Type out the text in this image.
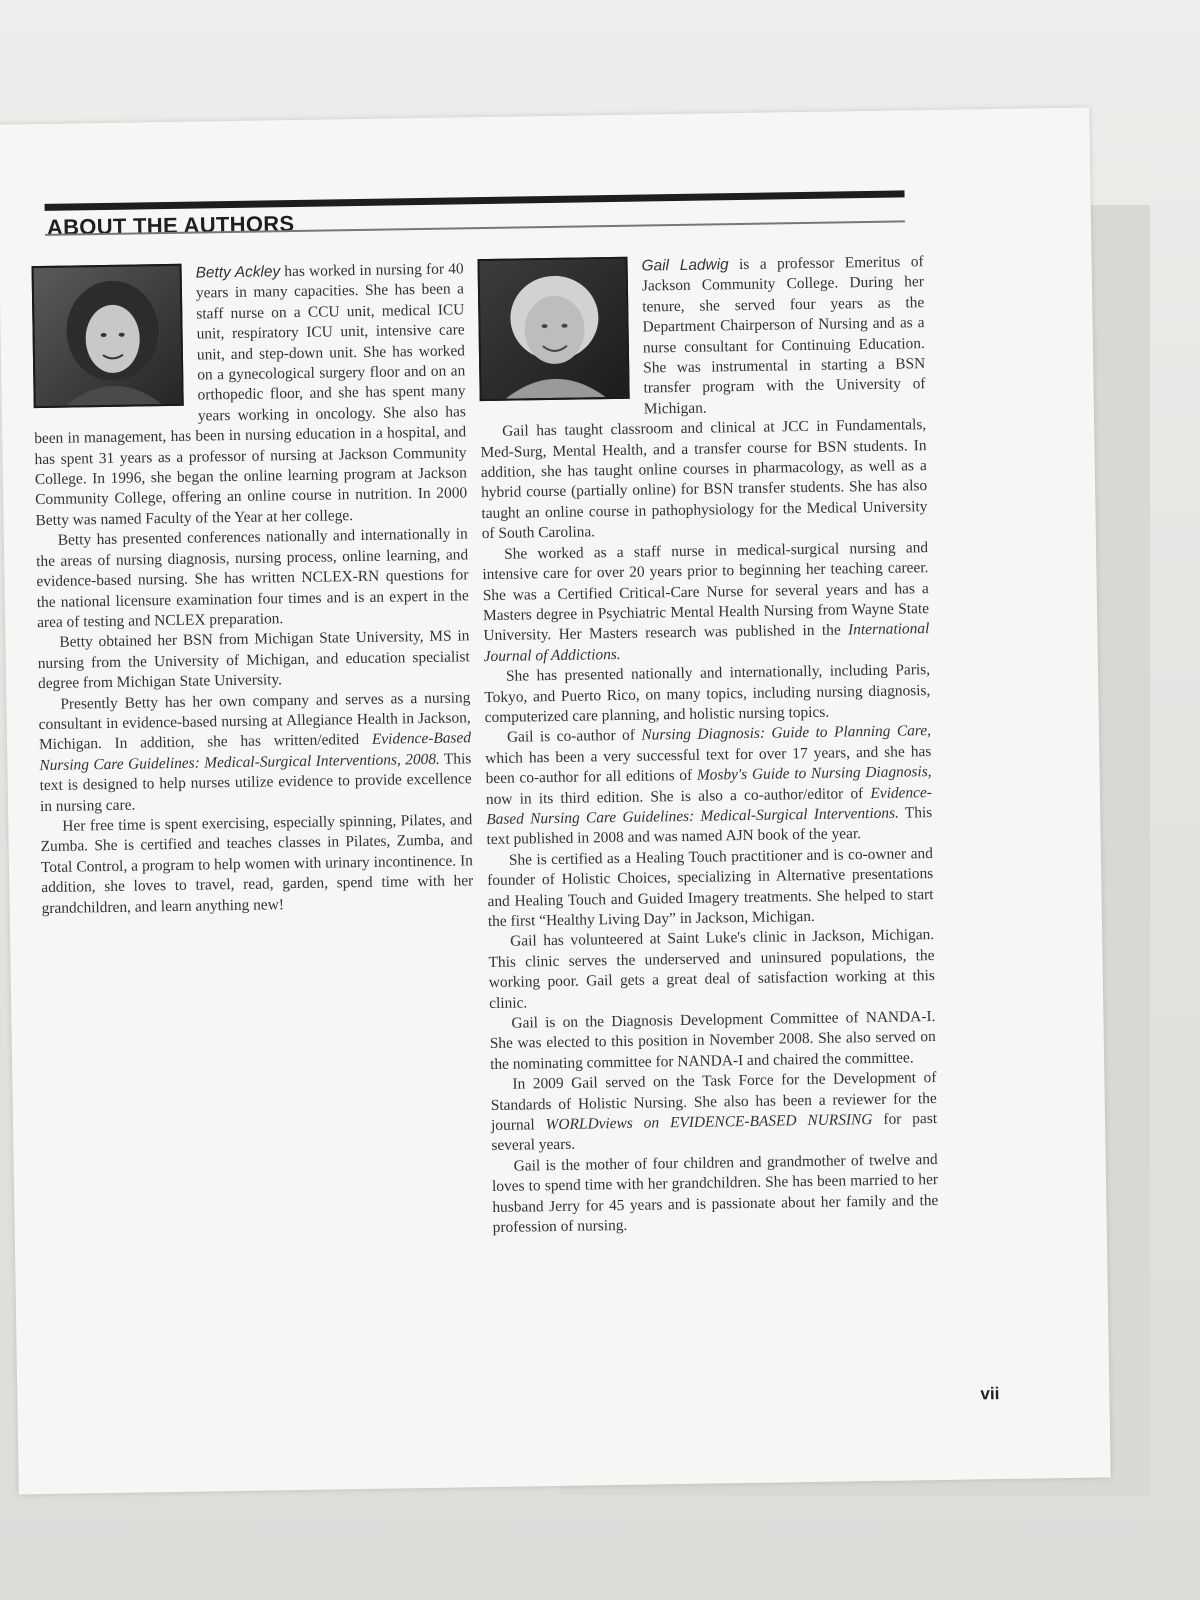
ABOUT THE AUTHORS

Betty Ackley has worked in nursing for 40 years in many capacities. She has been a staff nurse on a CCU unit, medical ICU unit, respiratory ICU unit, intensive care unit, and step-down unit. She has worked on a gynecological surgery floor and on an orthopedic floor, and she has spent many years working in oncology. She also has been in management, has been in nursing education in a hospital, and has spent 31 years as a professor of nursing at Jackson Community College. In 1996, she began the online learning program at Jackson Community College, offering an online course in nutrition. In 2000 Betty was named Faculty of the Year at her college.

Betty has presented conferences nationally and internationally in the areas of nursing diagnosis, nursing process, online learning, and evidence-based nursing. She has written NCLEX-RN questions for the national licensure examination four times and is an expert in the area of testing and NCLEX preparation.

Betty obtained her BSN from Michigan State University, MS in nursing from the University of Michigan, and education specialist degree from Michigan State University.

Presently Betty has her own company and serves as a nursing consultant in evidence-based nursing at Allegiance Health in Jackson, Michigan. In addition, she has written/edited Evidence-Based Nursing Care Guidelines: Medical-Surgical Interventions, 2008. This text is designed to help nurses utilize evidence to provide excellence in nursing care.

Her free time is spent exercising, especially spinning, Pilates, and Zumba. She is certified and teaches classes in Pilates, Zumba, and Total Control, a program to help women with urinary incontinence. In addition, she loves to travel, read, garden, spend time with her grandchildren, and learn anything new!

Gail Ladwig is a professor Emeritus of Jackson Community College. During her tenure, she served four years as the Department Chairperson of Nursing and as a nurse consultant for Continuing Education. She was instrumental in starting a BSN transfer program with the University of Michigan.

Gail has taught classroom and clinical at JCC in Fundamentals, Med-Surg, Mental Health, and a transfer course for BSN students. In addition, she has taught online courses in pharmacology, as well as a hybrid course (partially online) for BSN transfer students. She has also taught an online course in pathophysiology for the Medical University of South Carolina.

She worked as a staff nurse in medical-surgical nursing and intensive care for over 20 years prior to beginning her teaching career. She was a Certified Critical-Care Nurse for several years and has a Masters degree in Psychiatric Mental Health Nursing from Wayne State University. Her Masters research was published in the International Journal of Addictions.

She has presented nationally and internationally, including Paris, Tokyo, and Puerto Rico, on many topics, including nursing diagnosis, computerized care planning, and holistic nursing topics.

Gail is co-author of Nursing Diagnosis: Guide to Planning Care, which has been a very successful text for over 17 years, and she has been co-author for all editions of Mosby's Guide to Nursing Diagnosis, now in its third edition. She is also a co-author/editor of Evidence-Based Nursing Care Guidelines: Medical-Surgical Interventions. This text published in 2008 and was named AJN book of the year.

She is certified as a Healing Touch practitioner and is co-owner and founder of Holistic Choices, specializing in Alternative presentations and Healing Touch and Guided Imagery treatments. She helped to start the first “Healthy Living Day” in Jackson, Michigan.

Gail has volunteered at Saint Luke's clinic in Jackson, Michigan. This clinic serves the underserved and uninsured populations, the working poor. Gail gets a great deal of satisfaction working at this clinic.

Gail is on the Diagnosis Development Committee of NANDA-I. She was elected to this position in November 2008. She also served on the nominating committee for NANDA-I and chaired the committee.

In 2009 Gail served on the Task Force for the Development of Standards of Holistic Nursing. She also has been a reviewer for the journal WORLDviews on EVIDENCE-BASED NURSING for past several years.

Gail is the mother of four children and grandmother of twelve and loves to spend time with her grandchildren. She has been married to her husband Jerry for 45 years and is passionate about her family and the profession of nursing.

vii
